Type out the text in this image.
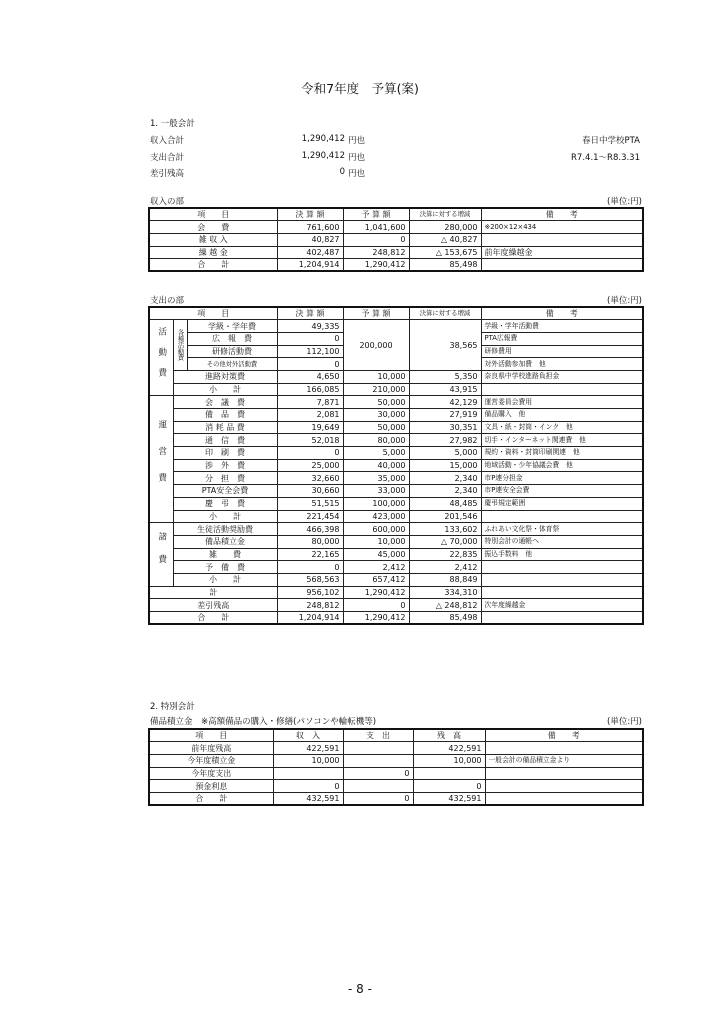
令和7年度　予算(案)
1. 一般会計
収入合計	1,290,412 円也
支出合計	1,290,412 円也
差引残高	0 円也
春日中学校PTA
R7.4.1～R8.3.31
収入の部	(単位:円)
項　　目	決 算 額	予 算 額	決算に対する増減	備　　考
会　　費	761,600	1,041,600	280,000	※200×12×434
雑 収 入	40,827	0	△ 40,827	
繰 越 金	402,487	248,812	△ 153,675	前年度繰越金
合　　計	1,204,914	1,290,412	85,498	
支出の部	(単位:円)
項　　目			決 算 額	予 算 額	決算に対する増減	備　　考
活動費	各種活動費	学級・学年費	49,335	200,000	38,565	学級・学年活動費
		広　報　費	0			PTA広報費
		研修活動費	112,100			研修費用
		その他対外活動費	0			対外活動参加費　他
	進路対策費		4,650	10,000	5,350	奈良県中学校進路負担金
	小　　計		166,085	210,000	43,915	
運営費	会　議　費		7,871	50,000	42,129	運営委員会費用
	備　品　費		2,081	30,000	27,919	備品購入　他
	消 耗 品 費		19,649	50,000	30,351	文具・紙・封筒・インク　他
	通　信　費		52,018	80,000	27,982	切手・インターネット関連費　他
	印　刷　費		0	5,000	5,000	規約・資料・封筒印刷関連　他
	渉　外　費		25,000	40,000	15,000	地域活動・少年協議会費　他
	分　担　費		32,660	35,000	2,340	市P連分担金
	PTA安全会費		30,660	33,000	2,340	市P連安全会費
	慶　弔　費		51,515	100,000	48,485	慶弔規定範囲
	小　　計		221,454	423,000	201,546	
諸費	生徒活動奨励費		466,398	600,000	133,602	ふれあい文化祭・体育祭
	備品積立金		80,000	10,000	△ 70,000	特別会計の通帳へ
	雑　　費		22,165	45,000	22,835	振込手数料　他
	予　備　費		0	2,412	2,412	
	小　　計		568,563	657,412	88,849	
計			956,102	1,290,412	334,310	
差引残高			248,812	0	△ 248,812	次年度繰越金
合　　計			1,204,914	1,290,412	85,498	
2. 特別会計
備品積立金　※高額備品の購入・修繕(パソコンや輪転機等)	(単位:円)
項　　目	収　入	支　出	残　高	備　　考
前年度残高	422,591		422,591	
今年度積立金	10,000		10,000	一般会計の備品積立金より
今年度支出		0		
預金利息	0		0	
合　　計	432,591	0	432,591	
- 8 -
